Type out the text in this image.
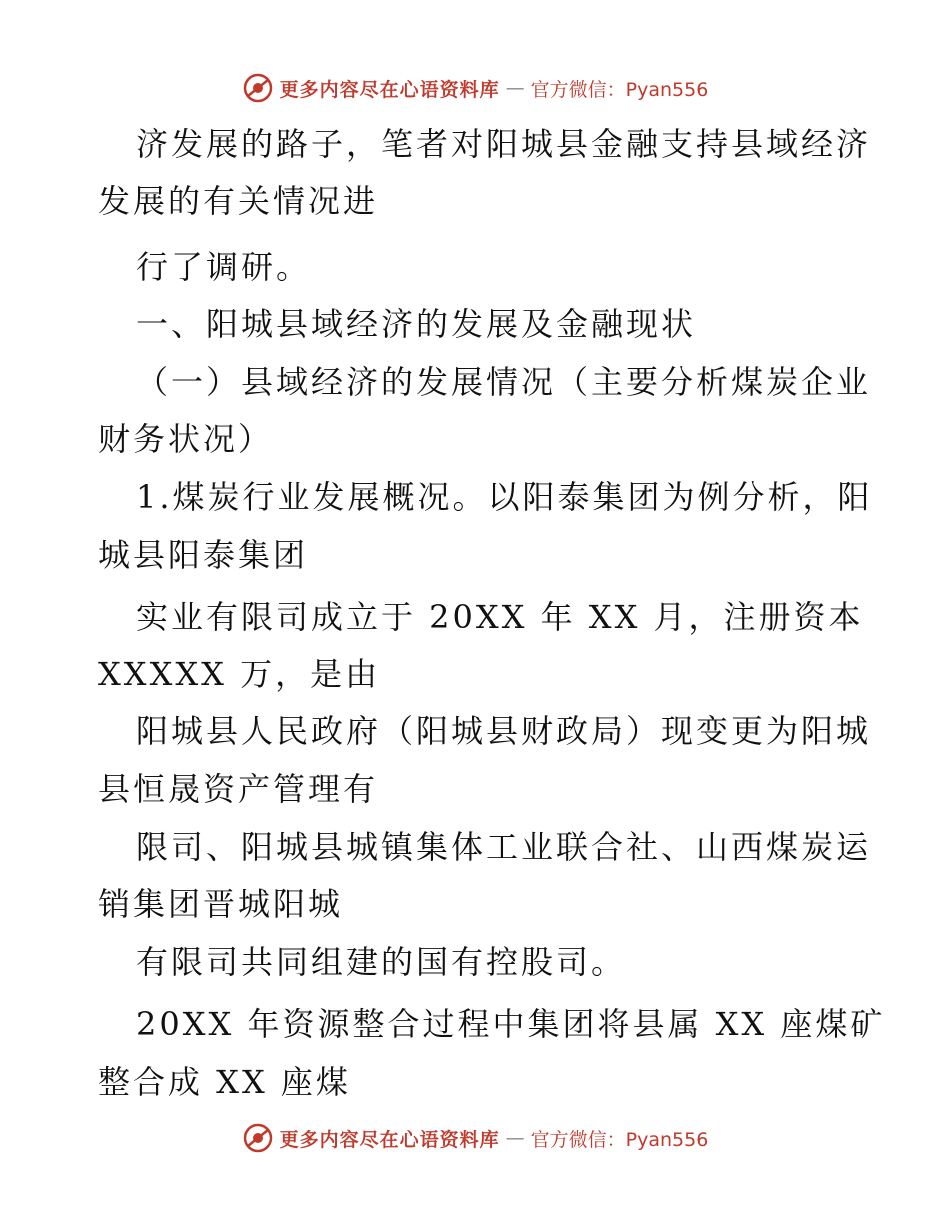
更多内容尽在心语资料库 — 官方微信：Pyan556
济发展的路子，笔者对阳城县金融支持县域经济
发展的有关情况进
行了调研。
一、阳城县域经济的发展及金融现状
（一）县域经济的发展情况（主要分析煤炭企业
财务状况）
1.煤炭行业发展概况。以阳泰集团为例分析，阳
城县阳泰集团
实业有限司成立于 20XX 年 XX 月，注册资本
XXXXX 万，是由
阳城县人民政府（阳城县财政局）现变更为阳城
县恒晟资产管理有
限司、阳城县城镇集体工业联合社、山西煤炭运
销集团晋城阳城
有限司共同组建的国有控股司。
20XX 年资源整合过程中集团将县属 XX 座煤矿
整合成 XX 座煤
更多内容尽在心语资料库 — 官方微信：Pyan556
